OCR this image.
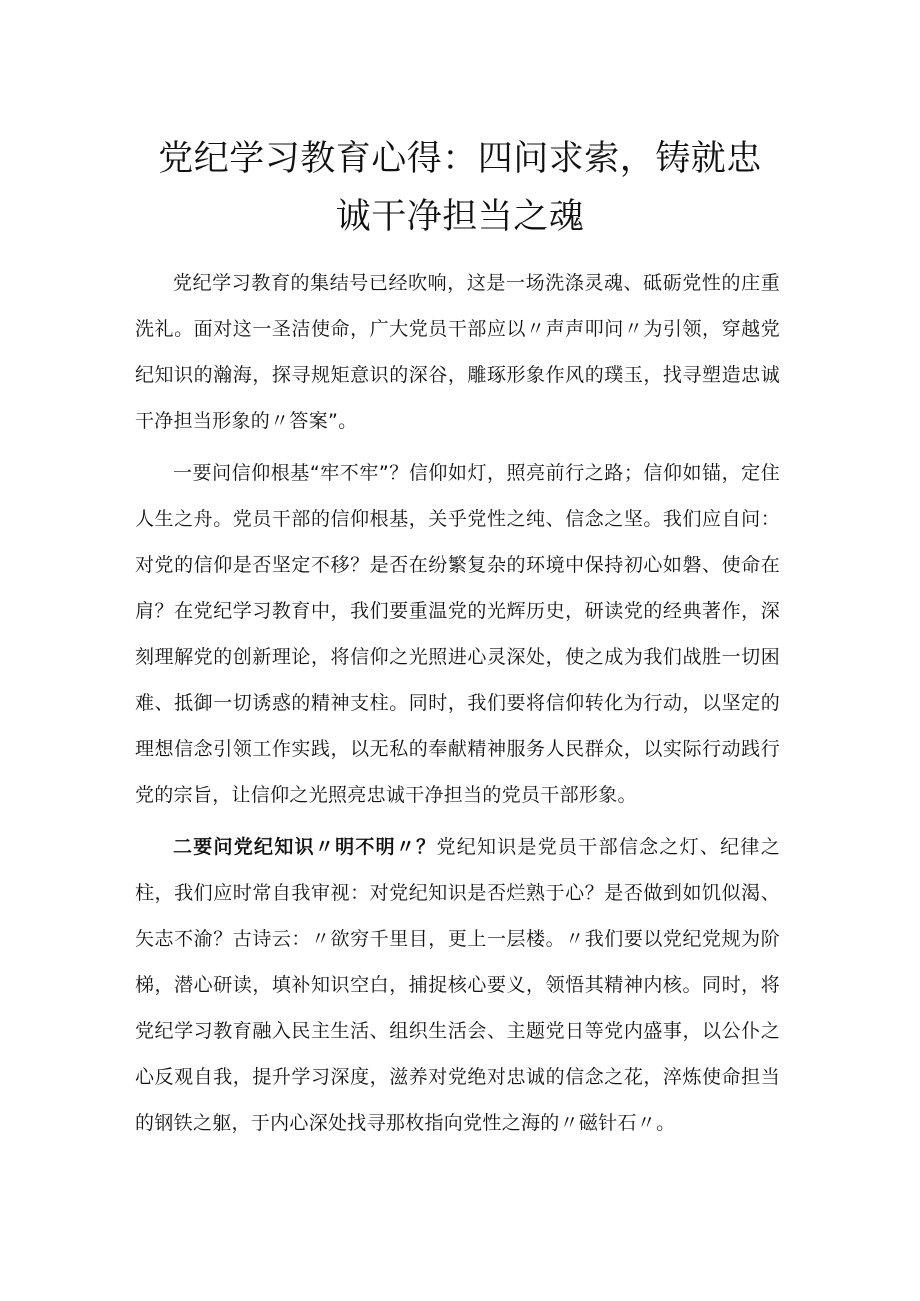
党纪学习教育心得：四问求索，铸就忠
诚干净担当之魂

党纪学习教育的集结号已经吹响，这是一场洗涤灵魂、砥砺党性的庄重洗礼。面对这一圣洁使命，广大党员干部应以〃声声叩问〃为引领，穿越党纪知识的瀚海，探寻规矩意识的深谷，雕琢形象作风的璞玉，找寻塑造忠诚干净担当形象的〃答案”。

一要问信仰根基“牢不牢”？信仰如灯，照亮前行之路；信仰如锚，定住人生之舟。党员干部的信仰根基，关乎党性之纯、信念之坚。我们应自问：对党的信仰是否坚定不移？是否在纷繁复杂的环境中保持初心如磐、使命在肩？在党纪学习教育中，我们要重温党的光辉历史，研读党的经典著作，深刻理解党的创新理论，将信仰之光照进心灵深处，使之成为我们战胜一切困难、抵御一切诱惑的精神支柱。同时，我们要将信仰转化为行动，以坚定的理想信念引领工作实践，以无私的奉献精神服务人民群众，以实际行动践行党的宗旨，让信仰之光照亮忠诚干净担当的党员干部形象。

二要问党纪知识〃明不明〃？党纪知识是党员干部信念之灯、纪律之柱，我们应时常自我审视：对党纪知识是否烂熟于心？是否做到如饥似渴、矢志不渝？古诗云：〃欲穷千里目，更上一层楼。〃我们要以党纪党规为阶梯，潜心研读，填补知识空白，捕捉核心要义，领悟其精神内核。同时，将党纪学习教育融入民主生活、组织生活会、主题党日等党内盛事，以公仆之心反观自我，提升学习深度，滋养对党绝对忠诚的信念之花，淬炼使命担当的钢铁之躯，于内心深处找寻那枚指向党性之海的〃磁针石〃。
